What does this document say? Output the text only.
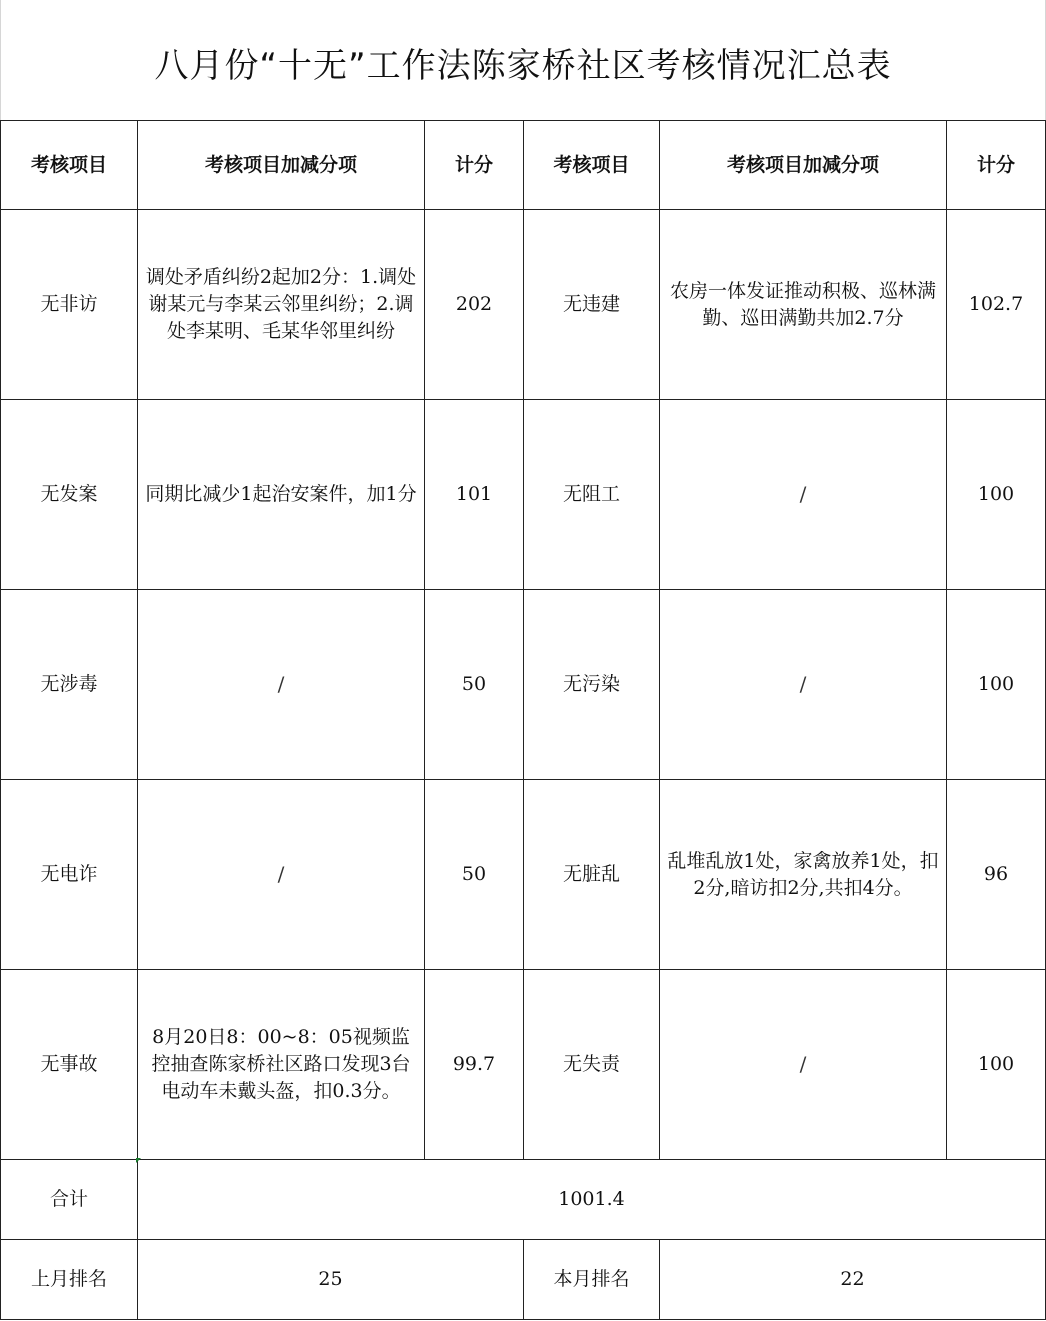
八月份“十无”工作法陈家桥社区考核情况汇总表
考核项目	考核项目加减分项	计分	考核项目	考核项目加减分项	计分
无非访	调处矛盾纠纷2起加2分：1.调处谢某元与李某云邻里纠纷；2.调处李某明、毛某华邻里纠纷	202	无违建	农房一体发证推动积极、巡林满勤、巡田满勤共加2.7分	102.7
无发案	同期比减少1起治安案件，加1分	101	无阻工	/	100
无涉毒	/	50	无污染	/	100
无电诈	/	50	无脏乱	乱堆乱放1处，家禽放养1处，扣2分,暗访扣2分,共扣4分。	96
无事故	8月20日8：00~8：05视频监控抽查陈家桥社区路口发现3台电动车未戴头盔，扣0.3分。	99.7	无失责	/	100
合计	1001.4				
上月排名	25		本月排名	22	
